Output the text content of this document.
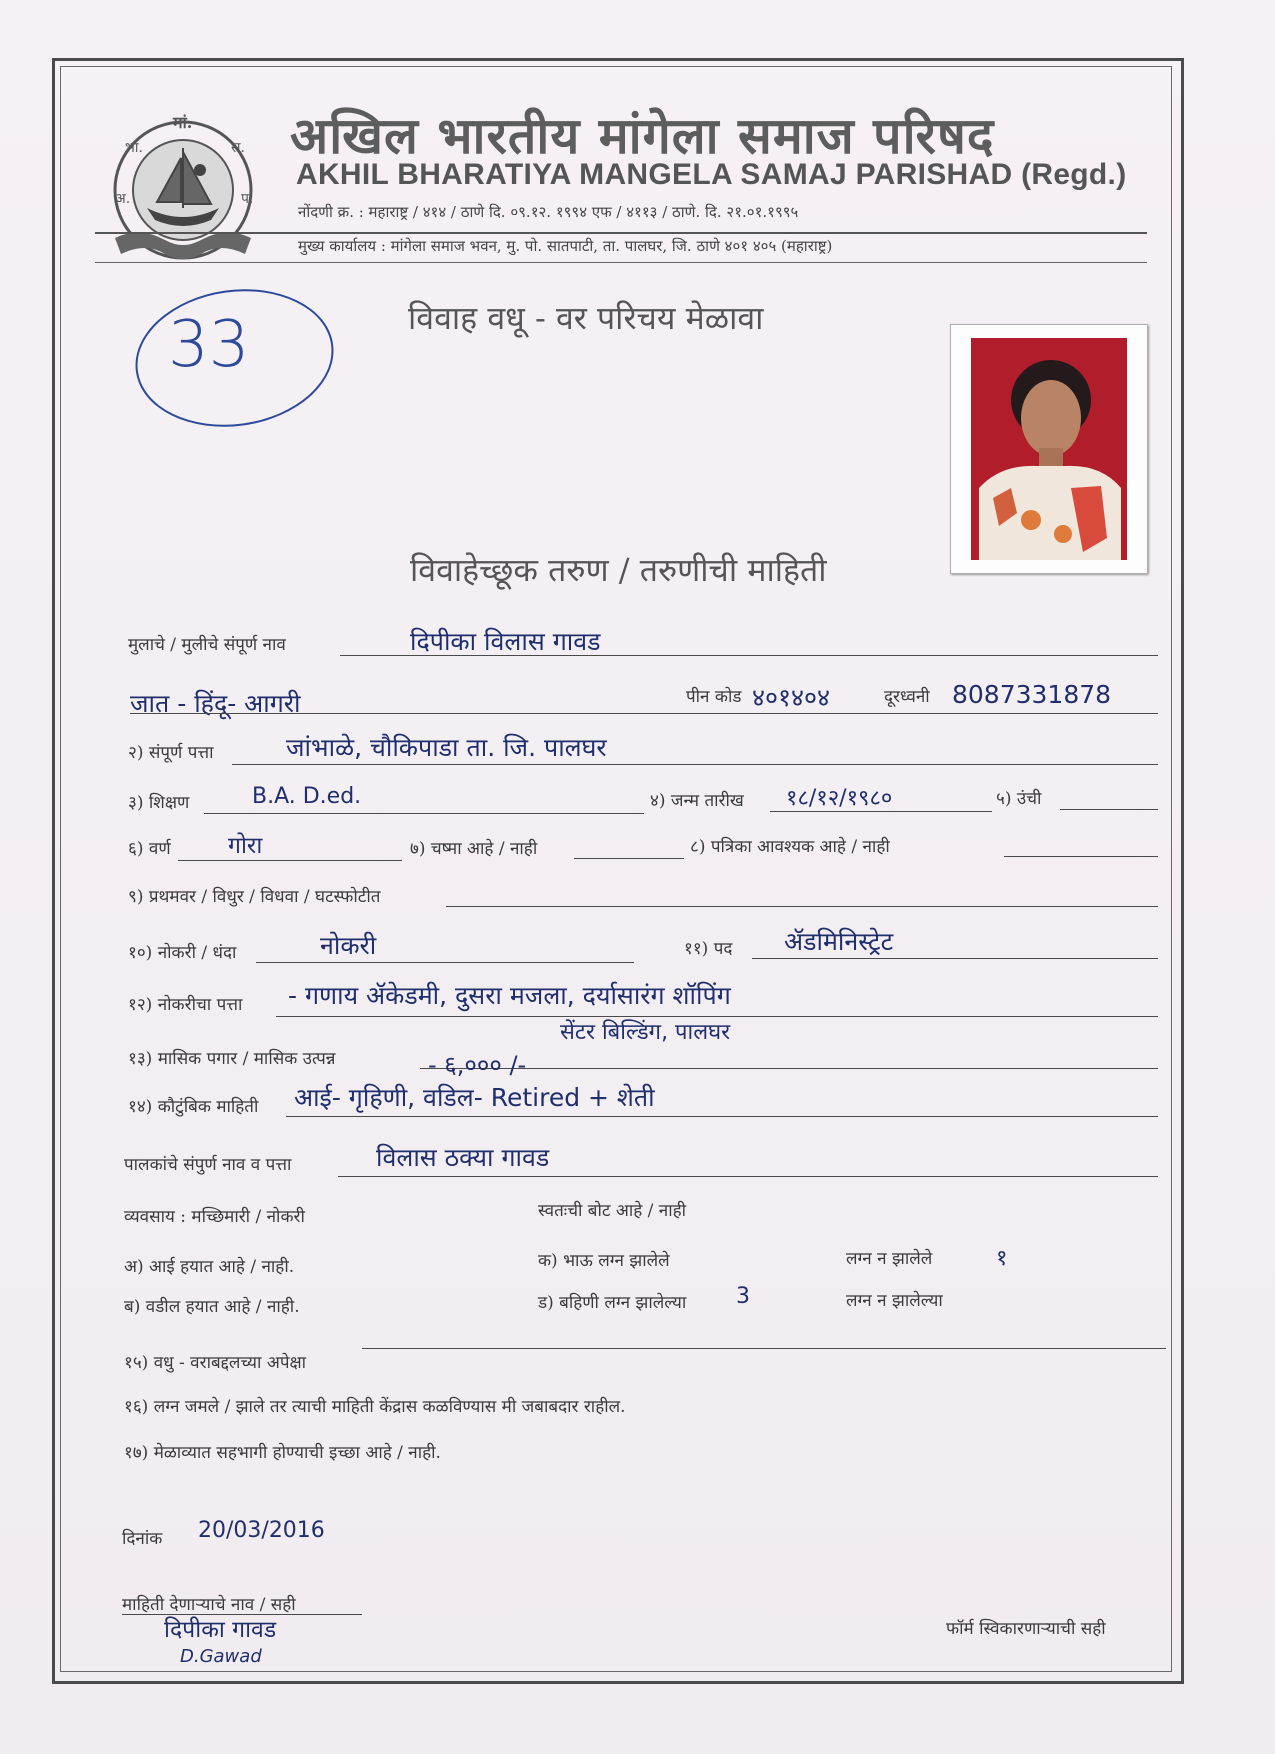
मां.
अ.
भा.	स.
प.
अखिल भारतीय मांगेला समाज परिषद
AKHIL BHARATIYA MANGELA SAMAJ PARISHAD (Regd.)
नोंदणी क्र. : महाराष्ट्र / ४१४ / ठाणे दि. ०९.१२. १९९४ एफ / ४११३ / ठाणे. दि. २१.०१.१९९५
मुख्य कार्यालय : मांगेला समाज भवन, मु. पो. सातपाटी, ता. पालघर, जि. ठाणे ४०१ ४०५ (महाराष्ट्र)
33	विवाह वधू - वर परिचय मेळावा
विवाहेच्छूक तरुण / तरुणीची माहिती
मुलाचे / मुलीचे संपूर्ण नाव	दिपीका विलास गावड
जात - हिंदू- आगरी	पीन कोड ४०१४०४	दूरध्वनी 8087331878
२) संपूर्ण पत्ता	जांभाळे, चौकिपाडा ता. जि. पालघर
३) शिक्षण	B.A. D.ed.	४) जन्म तारीख १८/१२/१९८०	५) उंची
६) वर्ण गोरा	७) चष्मा आहे / नाही	८) पत्रिका आवश्यक आहे / नाही
९) प्रथमवर / विधुर / विधवा / घटस्फोटीत
१०) नोकरी / धंदा	नोकरी	११) पद ॲडमिनिस्ट्रेट
१२) नोकरीचा पत्ता - गणाय ॲकेडमी, दुसरा मजला, दर्यासारंग शॉपिंग
सेंटर बिल्डिंग, पालघर
१३) मासिक पगार / मासिक उत्पन्न	- ६,००० /-
१४) कौटुंबिक माहिती आई- गृहिणी, वडिल- Retired + शेती
पालकांचे संपुर्ण नाव व पत्ता	विलास ठक्या गावड
व्यवसाय : मच्छिमारी / नोकरी	स्वतःची बोट आहे / नाही
अ) आई हयात आहे / नाही.	क) भाऊ लग्न झालेले	लग्न न झालेले	१
ब) वडील हयात आहे / नाही.	ड) बहिणी लग्न झालेल्या 3	लग्न न झालेल्या
१५) वधु - वराबद्दलच्या अपेक्षा
१६) लग्न जमले / झाले तर त्याची माहिती केंद्रास कळविण्यास मी जबाबदार राहील.
१७) मेळाव्यात सहभागी होण्याची इच्छा आहे / नाही.
दिनांक 20/03/2016
माहिती देणाऱ्याचे नाव / सही
दिपीका गावड
D.Gawad
फॉर्म स्विकारणाऱ्याची सही
